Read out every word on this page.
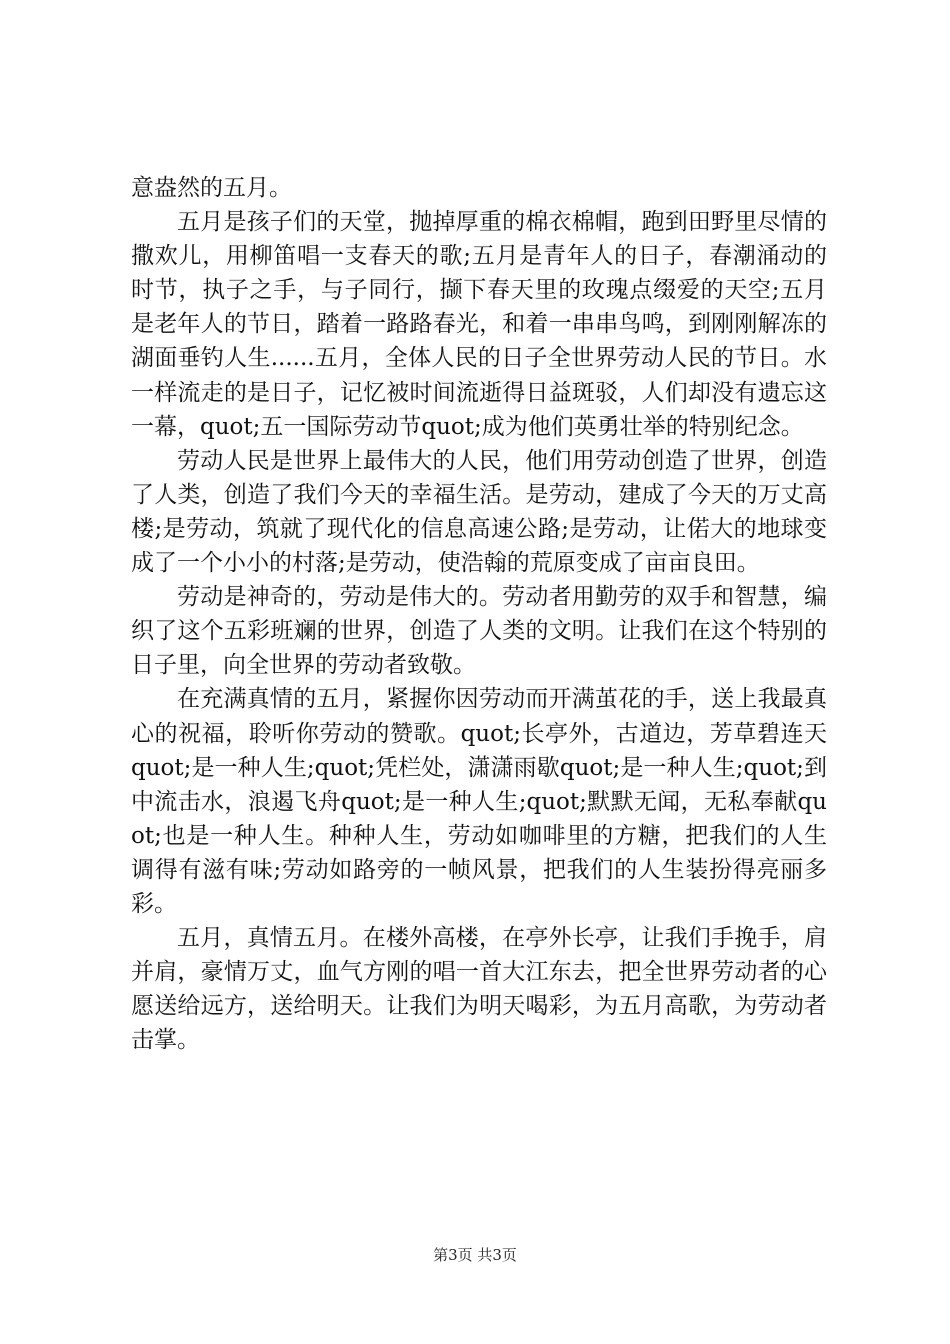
意盎然的五月。

五月是孩子们的天堂，抛掉厚重的棉衣棉帽，跑到田野里尽情的撒欢儿，用柳笛唱一支春天的歌;五月是青年人的日子，春潮涌动的时节，执子之手，与子同行，撷下春天里的玫瑰点缀爱的天空;五月是老年人的节日，踏着一路路春光，和着一串串鸟鸣，到刚刚解冻的湖面垂钓人生......五月，全体人民的日子全世界劳动人民的节日。水一样流走的是日子，记忆被时间流逝得日益斑驳，人们却没有遗忘这一幕，quot;五一国际劳动节quot;成为他们英勇壮举的特别纪念。

劳动人民是世界上最伟大的人民，他们用劳动创造了世界，创造了人类，创造了我们今天的幸福生活。是劳动，建成了今天的万丈高楼;是劳动，筑就了现代化的信息高速公路;是劳动，让偌大的地球变成了一个小小的村落;是劳动，使浩翰的荒原变成了亩亩良田。

劳动是神奇的，劳动是伟大的。劳动者用勤劳的双手和智慧，编织了这个五彩班斓的世界，创造了人类的文明。让我们在这个特别的日子里，向全世界的劳动者致敬。

在充满真情的五月，紧握你因劳动而开满茧花的手，送上我最真心的祝福，聆听你劳动的赞歌。quot;长亭外，古道边，芳草碧连天quot;是一种人生;quot;凭栏处，潇潇雨歇quot;是一种人生;quot;到中流击水，浪遏飞舟quot;是一种人生;quot;默默无闻，无私奉献quot;也是一种人生。种种人生，劳动如咖啡里的方糖，把我们的人生调得有滋有味;劳动如路旁的一帧风景，把我们的人生装扮得亮丽多彩。

五月，真情五月。在楼外高楼，在亭外长亭，让我们手挽手，肩并肩，豪情万丈，血气方刚的唱一首大江东去，把全世界劳动者的心愿送给远方，送给明天。让我们为明天喝彩，为五月高歌，为劳动者击掌。

第3页 共3页
